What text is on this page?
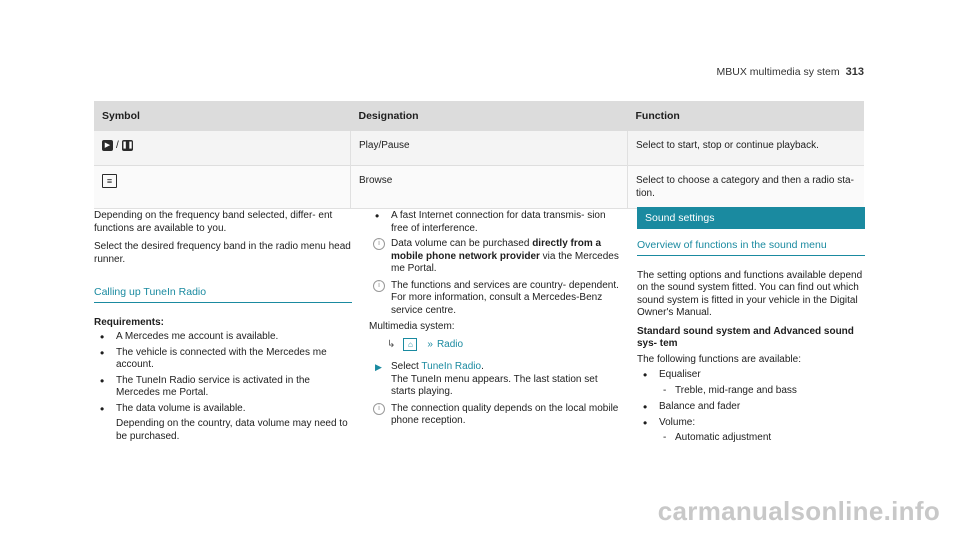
MBUX multimedia sy stem 313
Symbol	Designation	Function
▶ / ❚❚	Play/Pause	Select to start, stop or continue playback.
≡	Browse	Select to choose a category and then a radio sta‐ tion.

Depending on the frequency band selected, differ‐ ent functions are available to you.

Select the desired frequency band in the radio menu head runner.

Calling up TuneIn Radio

Requirements:

• A Mercedes me account is available.
• The vehicle is connected with the Mercedes me account.
• The TuneIn Radio service is activated in the Mercedes me Portal.
• The data volume is available.

Depending on the country, data volume may need to be purchased.

• A fast Internet connection for data transmis‐ sion free of interference.
i	Data volume can be purchased directly from a mobile phone network provider via the Mercedes me Portal.
i	The functions and services are country- dependent. For more information, consult a Mercedes-Benz service centre.

Multimedia system:

↳ ⌂ » Radio
▶ Select TuneIn Radio.
The TuneIn menu appears. The last station set starts playing.
i	The connection quality depends on the local mobile phone reception.
Sound settings
Overview of functions in the sound menu

The setting options and functions available depend on the sound system fitted. You can find out which sound system is fitted in your vehicle in the Digital Owner's Manual.

Standard sound system and Advanced sound sys‐ tem

The following functions are available:

• Equaliser
- Treble, mid-range and bass
• Balance and fader
• Volume:
- Automatic adjustment
carmanualsonline.info
